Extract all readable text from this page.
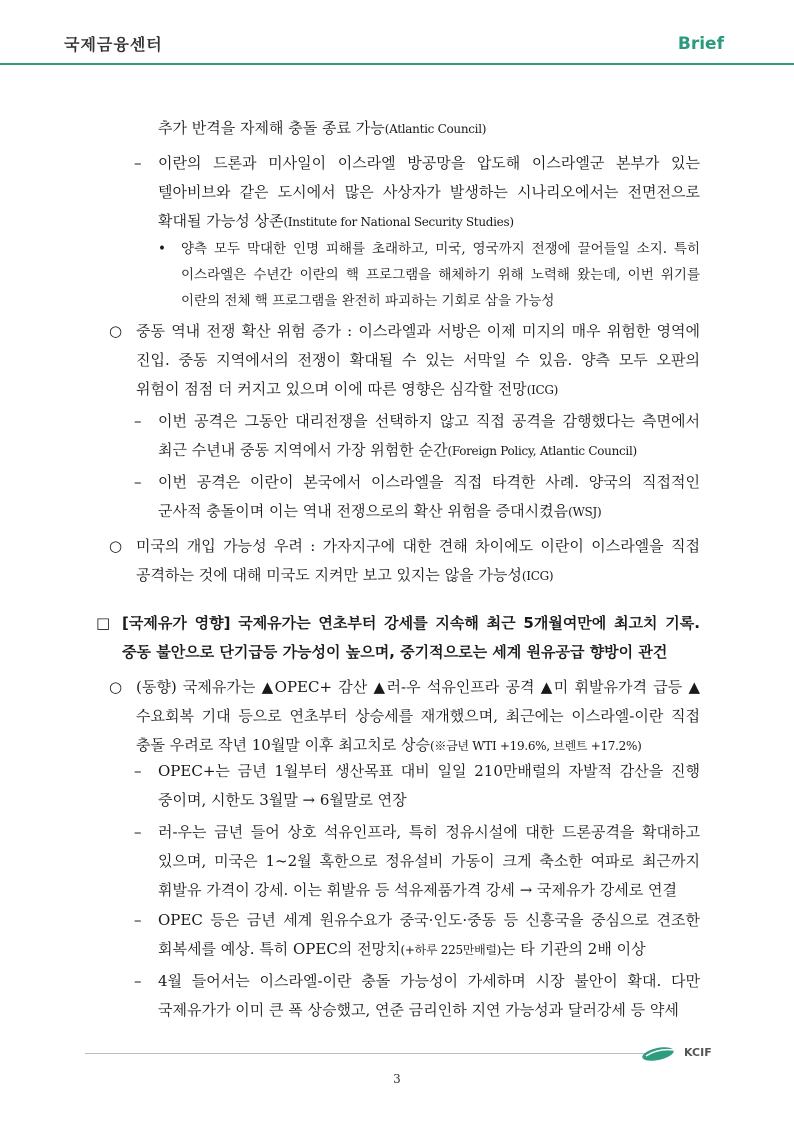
국제금융센터	Brief
추가 반격을 자제해 충돌 종료 가능(Atlantic Council)
– 이란의 드론과 미사일이 이스라엘 방공망을 압도해 이스라엘군 본부가 있는 텔아비브와 같은 도시에서 많은 사상자가 발생하는 시나리오에서는 전면전으로 확대될 가능성 상존(Institute for National Security Studies)
• 양측 모두 막대한 인명 피해를 초래하고, 미국, 영국까지 전쟁에 끌어들일 소지. 특히 이스라엘은 수년간 이란의 핵 프로그램을 해체하기 위해 노력해 왔는데, 이번 위기를 이란의 전체 핵 프로그램을 완전히 파괴하는 기회로 삼을 가능성
○ 중동 역내 전쟁 확산 위험 증가 : 이스라엘과 서방은 이제 미지의 매우 위험한 영역에 진입. 중동 지역에서의 전쟁이 확대될 수 있는 서막일 수 있음. 양측 모두 오판의 위험이 점점 더 커지고 있으며 이에 따른 영향은 심각할 전망(ICG)
– 이번 공격은 그동안 대리전쟁을 선택하지 않고 직접 공격을 감행했다는 측면에서 최근 수년내 중동 지역에서 가장 위험한 순간(Foreign Policy, Atlantic Council)
– 이번 공격은 이란이 본국에서 이스라엘을 직접 타격한 사례. 양국의 직접적인 군사적 충돌이며 이는 역내 전쟁으로의 확산 위험을 증대시켰음(WSJ)
○ 미국의 개입 가능성 우려 : 가자지구에 대한 견해 차이에도 이란이 이스라엘을 직접 공격하는 것에 대해 미국도 지켜만 보고 있지는 않을 가능성(ICG)
□ [국제유가 영향] 국제유가는 연초부터 강세를 지속해 최근 5개월여만에 최고치 기록. 중동 불안으로 단기급등 가능성이 높으며, 중기적으로는 세계 원유공급 향방이 관건
○ (동향) 국제유가는 ▲OPEC+ 감산 ▲러-우 석유인프라 공격 ▲미 휘발유가격 급등 ▲수요회복 기대 등으로 연초부터 상승세를 재개했으며, 최근에는 이스라엘-이란 직접 충돌 우려로 작년 10월말 이후 최고치로 상승(※금년 WTI +19.6%, 브렌트 +17.2%)
– OPEC+는 금년 1월부터 생산목표 대비 일일 210만배럴의 자발적 감산을 진행 중이며, 시한도 3월말 → 6월말로 연장
– 러-우는 금년 들어 상호 석유인프라, 특히 정유시설에 대한 드론공격을 확대하고 있으며, 미국은 1~2월 혹한으로 정유설비 가동이 크게 축소한 여파로 최근까지 휘발유 가격이 강세. 이는 휘발유 등 석유제품가격 강세 → 국제유가 강세로 연결
– OPEC 등은 금년 세계 원유수요가 중국·인도·중동 등 신흥국을 중심으로 견조한 회복세를 예상. 특히 OPEC의 전망치(+하루 225만배럴)는 타 기관의 2배 이상
– 4월 들어서는 이스라엘-이란 충돌 가능성이 가세하며 시장 불안이 확대. 다만 국제유가가 이미 큰 폭 상승했고, 연준 금리인하 지연 가능성과 달러강세 등 약세
KCIF
3
